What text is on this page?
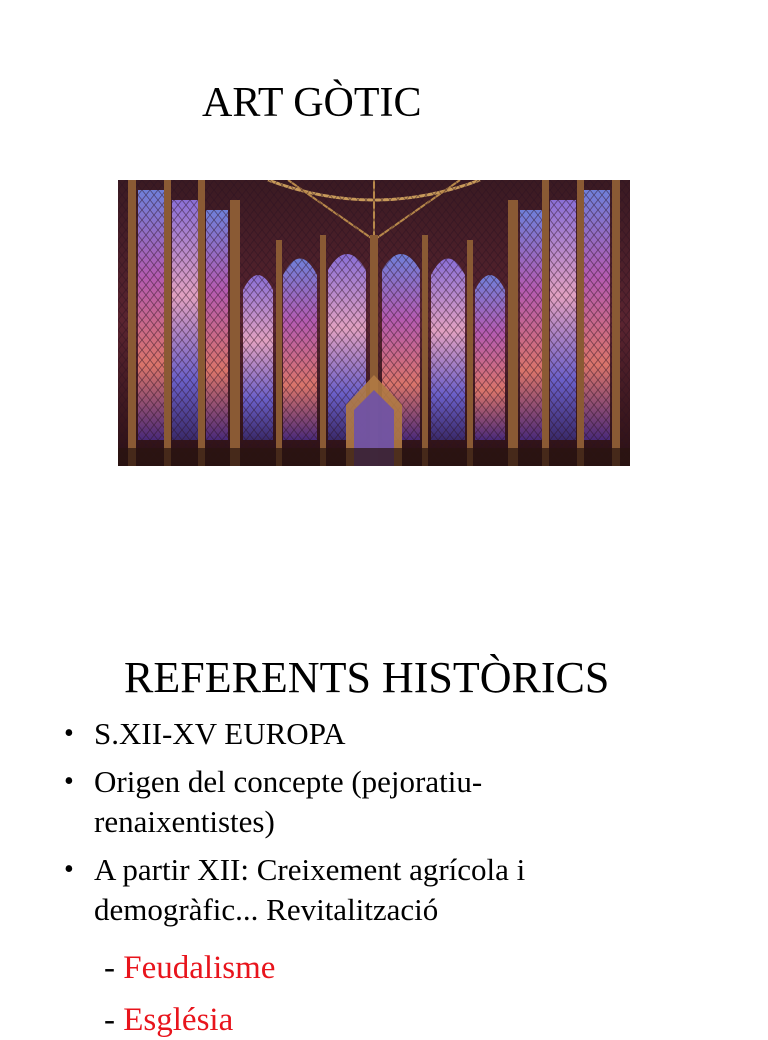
ART GÒTIC
REFERENTS HISTÒRICS
• S.XII-XV EUROPA
• Origen del concepte (pejoratiu-
renaixentistes)
• A partir XII: Creixement agrícola i
demogràfic... Revitalització
- Feudalisme
- Església
